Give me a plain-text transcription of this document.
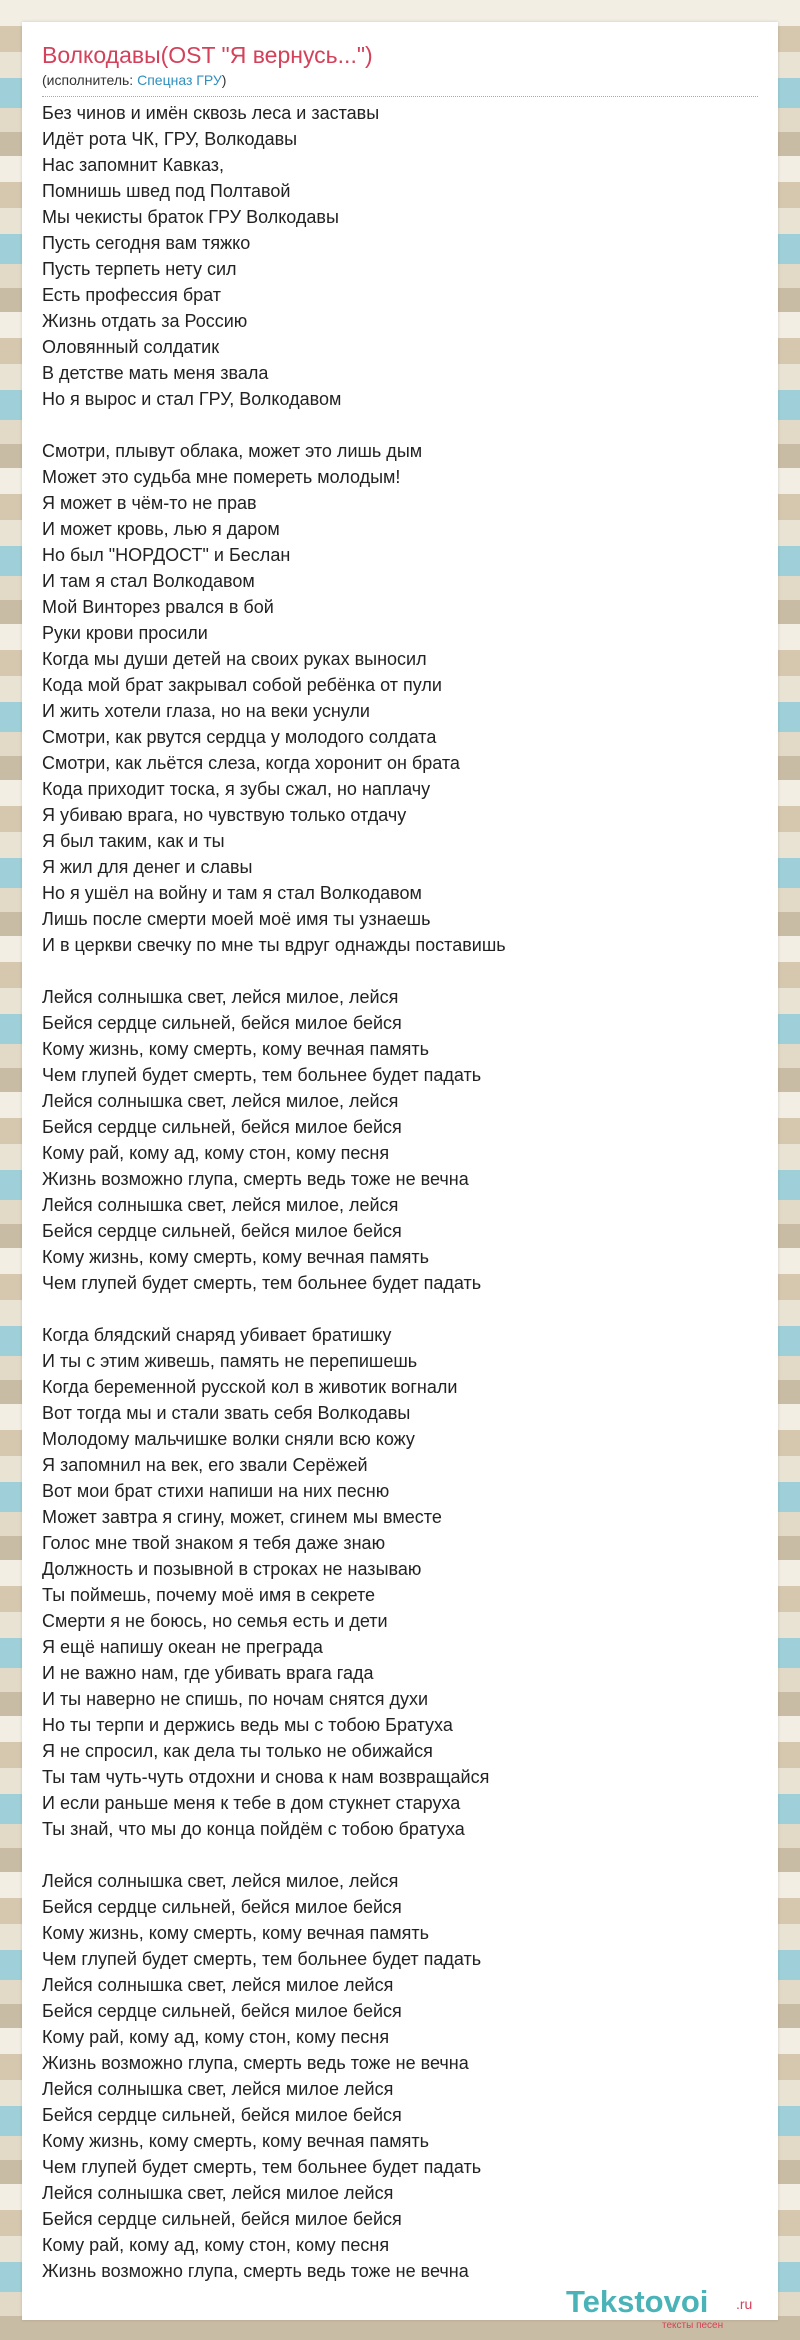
Волкодавы(OST "Я вернусь...")
(исполнитель: Спецназ ГРУ)
Без чинов и имён сквозь леса и заставы
Идёт рота ЧК, ГРУ, Волкодавы
Нас запомнит Кавказ,
Помнишь швед под Полтавой
Мы чекисты браток ГРУ Волкодавы
Пусть сегодня вам тяжко
Пусть терпеть нету сил
Есть профессия брат
Жизнь отдать за Россию
Оловянный солдатик
В детстве мать меня звала
Но я вырос и стал ГРУ, Волкодавом
Смотри, плывут облака, может это лишь дым
Может это судьба мне помереть молодым!
Я может в чём-то не прав
И может кровь, лью я даром
Но был "НОРДОСТ" и Беслан
И там я стал Волкодавом
Мой Винторез рвался в бой
Руки крови просили
Когда мы души детей на своих руках выносил
Кода мой брат закрывал собой ребёнка от пули
И жить хотели глаза, но на веки уснули
Смотри, как рвутся сердца у молодого солдата
Смотри, как льётся слеза, когда хоронит он брата
Кода приходит тоска, я зубы сжал, но наплачу
Я убиваю врага, но чувствую только отдачу
Я был таким, как и ты
Я жил для денег и славы
Но я ушёл на войну и там я стал Волкодавом
Лишь после смерти моей моё имя ты узнаешь
И в церкви свечку по мне ты вдруг однажды поставишь
Лейся солнышка свет, лейся милое, лейся
Бейся сердце сильней, бейся милое бейся
Кому жизнь, кому смерть, кому вечная память
Чем глупей будет смерть, тем больнее будет падать
Лейся солнышка свет, лейся милое, лейся
Бейся сердце сильней, бейся милое бейся
Кому рай, кому ад, кому стон, кому песня
Жизнь возможно глупа, смерть ведь тоже не вечна
Лейся солнышка свет, лейся милое, лейся
Бейся сердце сильней, бейся милое бейся
Кому жизнь, кому смерть, кому вечная память
Чем глупей будет смерть, тем больнее будет падать
Когда блядский снаряд убивает братишку
И ты с этим живешь, память не перепишешь
Когда беременной русской кол в животик вогнали
Вот тогда мы и стали звать себя Волкодавы
Молодому мальчишке волки сняли всю кожу
Я запомнил на век, его звали Серёжей
Вот мои брат стихи напиши на них песню
Может завтра я сгину, может, сгинем мы вместе
Голос мне твой знаком я тебя даже знаю
Должность и позывной в строках не называю
Ты поймешь, почему моё имя в секрете
Смерти я не боюсь, но семья есть и дети
Я ещё напишу океан не преграда
И не важно нам, где убивать врага гада
И ты наверно не спишь, по ночам снятся духи
Но ты терпи и держись ведь мы с тобою Братуха
Я не спросил, как дела ты только не обижайся
Ты там чуть-чуть отдохни и снова к нам возвращайся
И если раньше меня к тебе в дом стукнет старуха
Ты знай, что мы до конца пойдём с тобою братуха
Лейся солнышка свет, лейся милое, лейся
Бейся сердце сильней, бейся милое бейся
Кому жизнь, кому смерть, кому вечная память
Чем глупей будет смерть, тем больнее будет падать
Лейся солнышка свет, лейся милое лейся
Бейся сердце сильней, бейся милое бейся
Кому рай, кому ад, кому стон, кому песня
Жизнь возможно глупа, смерть ведь тоже не вечна
Лейся солнышка свет, лейся милое лейся
Бейся сердце сильней, бейся милое бейся
Кому жизнь, кому смерть, кому вечная память
Чем глупей будет смерть, тем больнее будет падать
Лейся солнышка свет, лейся милое лейся
Бейся сердце сильней, бейся милое бейся
Кому рай, кому ад, кому стон, кому песня
Жизнь возможно глупа, смерть ведь тоже не вечна
Tekstovoi .ru
тексты песен
